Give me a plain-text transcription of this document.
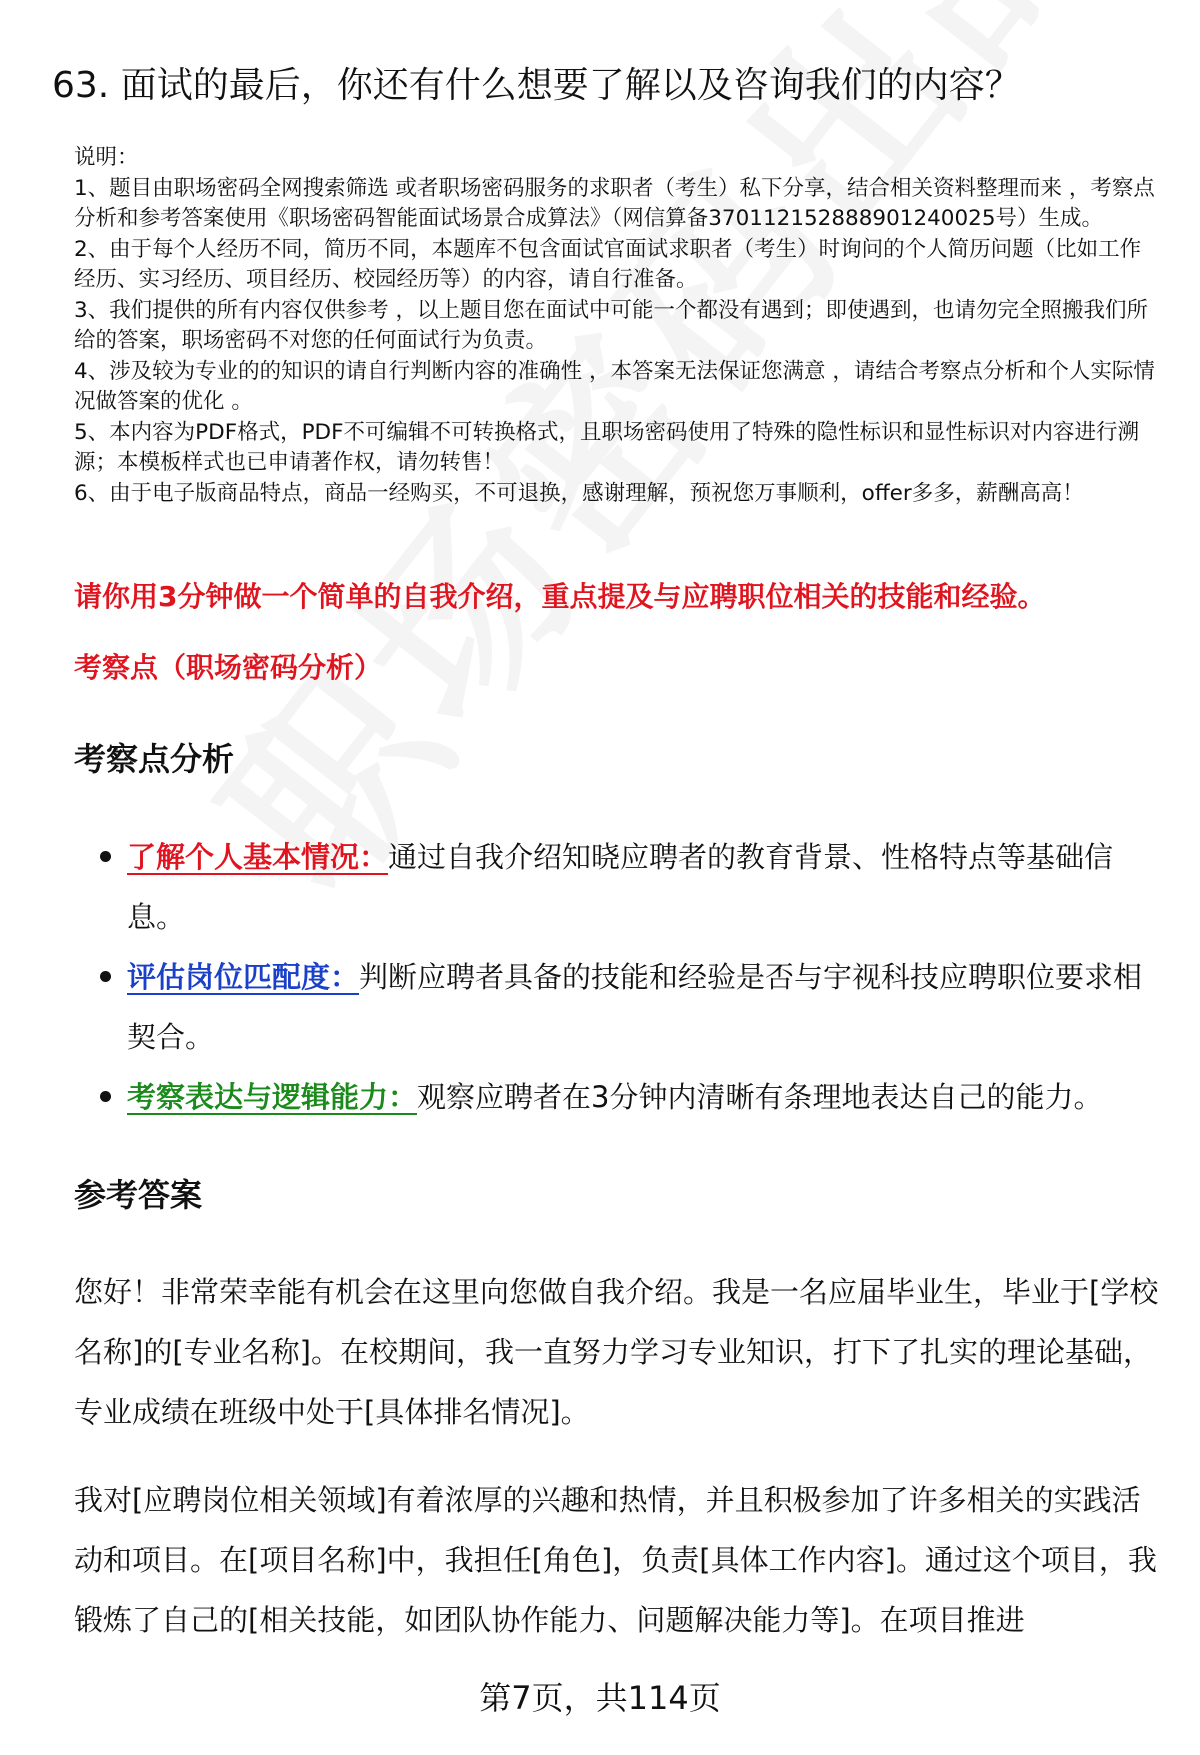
63. 面试的最后，你还有什么想要了解以及咨询我们的内容？

说明：

1、题目由职场密码全网搜索筛选 或者职场密码服务的求职者（考生）私下分享，结合相关资料整理而来 ，考察点分析和参考答案使用《职场密码智能面试场景合成算法》（网信算备370112152888901240025号）生成。

2、由于每个人经历不同，简历不同，本题库不包含面试官面试求职者（考生）时询问的个人简历问题（比如工作经历、实习经历、项目经历、校园经历等）的内容，请自行准备。

3、我们提供的所有内容仅供参考 ，以上题目您在面试中可能一个都没有遇到；即使遇到，也请勿完全照搬我们所给的答案，职场密码不对您的任何面试行为负责。

4、涉及较为专业的的知识的请自行判断内容的准确性 ，本答案无法保证您满意 ，请结合考察点分析和个人实际情况做答案的优化 。

5、本内容为PDF格式，PDF不可编辑不可转换格式，且职场密码使用了特殊的隐性标识和显性标识对内容进行溯源；本模板样式也已申请著作权，请勿转售！

6、由于电子版商品特点，商品一经购买，不可退换，感谢理解，预祝您万事顺利，offer多多，薪酬高高！

请你用3分钟做一个简单的自我介绍，重点提及与应聘职位相关的技能和经验。
考察点（职场密码分析）
考察点分析
了解个人基本情况：通过自我介绍知晓应聘者的教育背景、性格特点等基础信息。
评估岗位匹配度：判断应聘者具备的技能和经验是否与宇视科技应聘职位要求相契合。
考察表达与逻辑能力：观察应聘者在3分钟内清晰有条理地表达自己的能力。
参考答案

您好！非常荣幸能有机会在这里向您做自我介绍。我是一名应届毕业生，毕业于[学校名称]的[专业名称]。在校期间，我一直努力学习专业知识，打下了扎实的理论基础，专业成绩在班级中处于[具体排名情况]。

我对[应聘岗位相关领域]有着浓厚的兴趣和热情，并且积极参加了许多相关的实践活动和项目。在[项目名称]中，我担任[角色]，负责[具体工作内容]。通过这个项目，我锻炼了自己的[相关技能，如团队协作能力、问题解决能力等]。在项目推进

第7页，共114页
